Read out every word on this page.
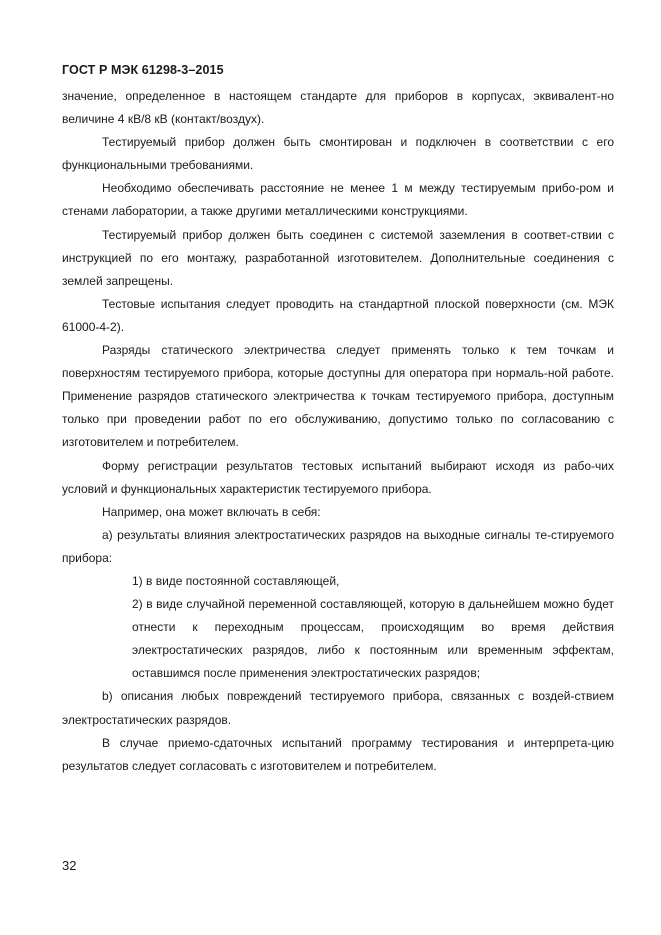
ГОСТ Р МЭК 61298-3–2015

значение, определенное в настоящем стандарте для приборов в корпусах, эквивалент-но величине 4 кВ/8 кВ (контакт/воздух).

Тестируемый прибор должен быть смонтирован и подключен в соответствии с его функциональными требованиями.

Необходимо обеспечивать расстояние не менее 1 м между тестируемым прибо-ром и стенами лаборатории, а также другими металлическими конструкциями.

Тестируемый прибор должен быть соединен с системой заземления в соответ-ствии с инструкцией по его монтажу, разработанной изготовителем. Дополнительные соединения с землей запрещены.

Тестовые испытания следует проводить на стандартной плоской поверхности (см. МЭК 61000-4-2).

Разряды статического электричества следует применять только к тем точкам и поверхностям тестируемого прибора, которые доступны для оператора при нормаль-ной работе. Применение разрядов статического электричества к точкам тестируемого прибора, доступным только при проведении работ по его обслуживанию, допустимо только по согласованию с изготовителем и потребителем.

Форму регистрации результатов тестовых испытаний выбирают исходя из рабо-чих условий и функциональных характеристик тестируемого прибора.

Например, она может включать в себя:

a) результаты влияния электростатических разрядов на выходные сигналы те-стируемого прибора:

1) в виде постоянной составляющей,

2) в виде случайной переменной составляющей, которую в дальнейшем можно будет отнести к переходным процессам, происходящим во время действия электростатических разрядов, либо к постоянным или временным эффектам, оставшимся после применения электростатических разрядов;

b) описания любых повреждений тестируемого прибора, связанных с воздей-ствием электростатических разрядов.

В случае приемо-сдаточных испытаний программу тестирования и интерпрета-цию результатов следует согласовать с изготовителем и потребителем.

32
